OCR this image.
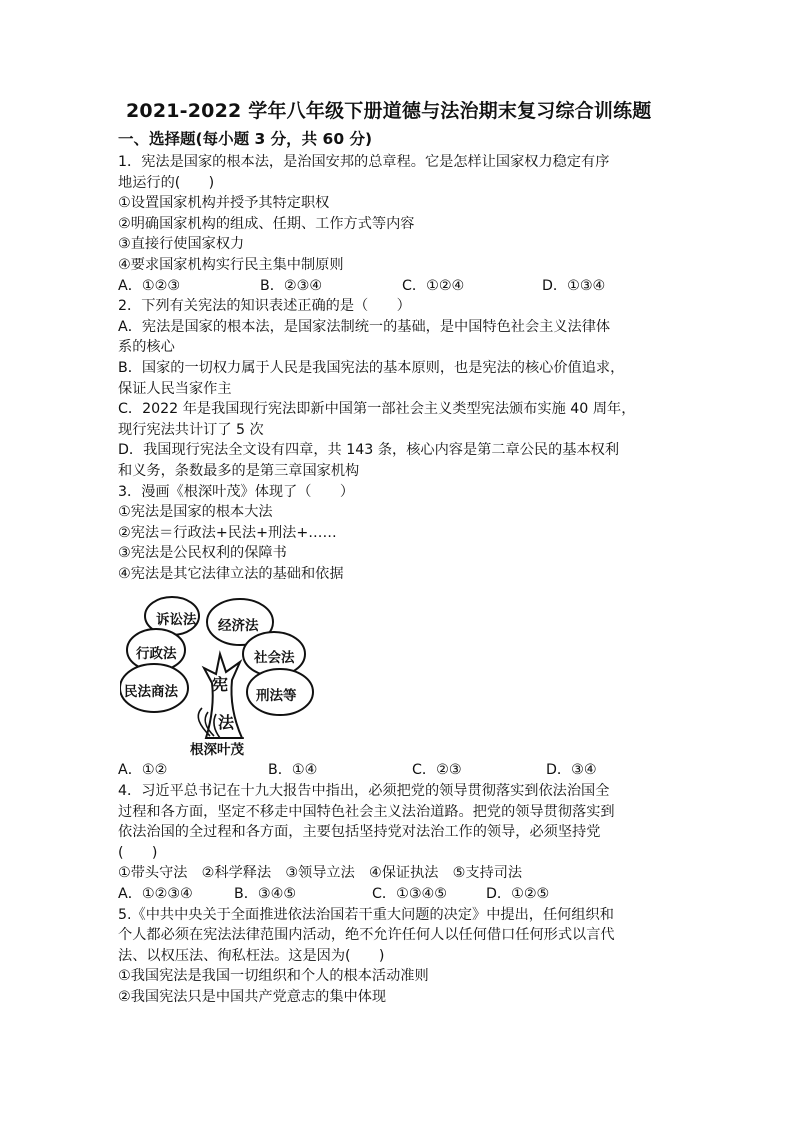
2021-2022 学年八年级下册道德与法治期末复习综合训练题
一、选择题(每小题 3 分，共 60 分)

1．宪法是国家的根本法，是治国安邦的总章程。它是怎样让国家权力稳定有序

地运行的(　　)

①设置国家机构并授予其特定职权

②明确国家机构的组成、任期、工作方式等内容

③直接行使国家权力

④要求国家机构实行民主集中制原则

A．①②③	B．②③④	C．①②④	D．①③④

2．下列有关宪法的知识表述正确的是（　　）

A．宪法是国家的根本法，是国家法制统一的基础，是中国特色社会主义法律体

系的核心

B．国家的一切权力属于人民是我国宪法的基本原则，也是宪法的核心价值追求，

保证人民当家作主

C．2022 年是我国现行宪法即新中国第一部社会主义类型宪法颁布实施 40 周年，

现行宪法共计订了 5 次

D．我国现行宪法全文设有四章，共 143 条，核心内容是第二章公民的基本权利

和义务，条数最多的是第三章国家机构

3．漫画《根深叶茂》体现了（　　）

①宪法是国家的根本大法

②宪法＝行政法+民法+刑法+……

③宪法是公民权利的保障书

④宪法是其它法律立法的基础和依据

诉讼法 经济法
行政法	社会法
民法商法	刑法等
宪
法
根深叶茂
A．①②	B．①④	C．②③	D．③④

4．习近平总书记在十九大报告中指出，必须把党的领导贯彻落实到依法治国全

过程和各方面，坚定不移走中国特色社会主义法治道路。把党的领导贯彻落实到

依法治国的全过程和各方面，主要包括坚持党对法治工作的领导，必须坚持党

(　　)

①带头守法　②科学释法　③领导立法　④保证执法　⑤支持司法

A．①②③④	B．③④⑤	C．①③④⑤	D．①②⑤

5.《中共中央关于全面推进依法治国若干重大问题的决定》中提出，任何组织和

个人都必须在宪法法律范围内活动，绝不允许任何人以任何借口任何形式以言代

法、以权压法、徇私枉法。这是因为(　　)

①我国宪法是我国一切组织和个人的根本活动准则

②我国宪法只是中国共产党意志的集中体现
